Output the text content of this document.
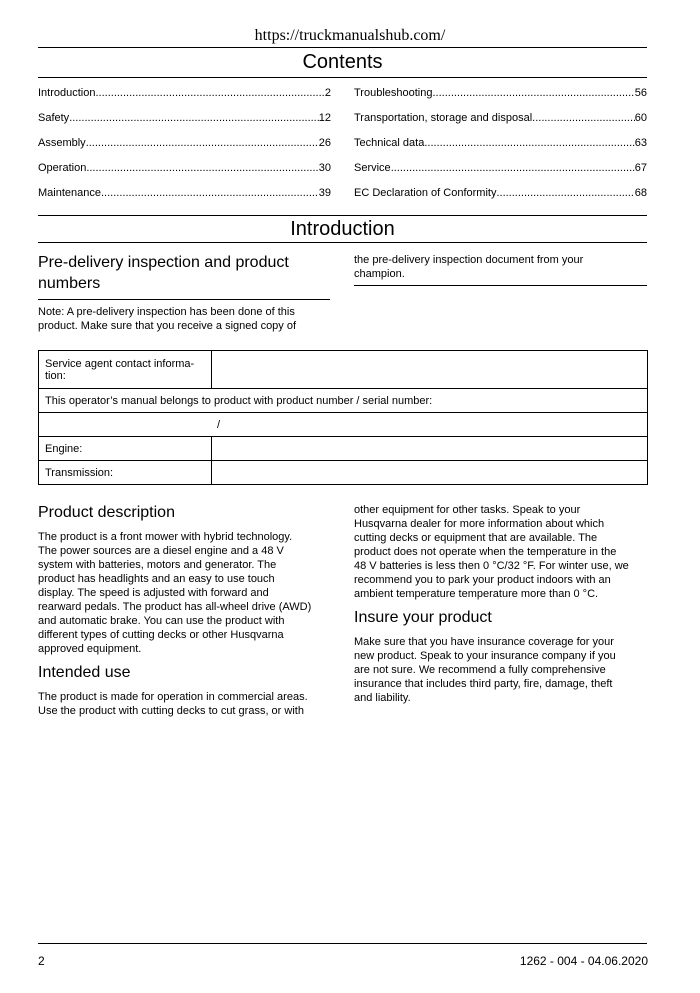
https://truckmanualshub.com/
Contents
Introduction .....	2
Safety .....	12
Assembly .....	26
Operation .....	30
Maintenance .....	39
Troubleshooting .....	56
Transportation, storage and disposal .....	60
Technical data .....	63
Service .....	67
EC Declaration of Conformity .....	68
Introduction
Pre-delivery inspection and product
numbers
Note: A pre-delivery inspection has been done of this
product. Make sure that you receive a signed copy of
the pre-delivery inspection document from your
champion.
Service agent contact informa-
tion:	

This operator’s manual belongs to product with product number / serial number:	
/	
Engine:	
Transmission:	
Product description
The product is a front mower with hybrid technology.
The power sources are a diesel engine and a 48 V
system with batteries, motors and generator. The
product has headlights and an easy to use touch
display. The speed is adjusted with forward and
rearward pedals. The product has all-wheel drive (AWD)
and automatic brake. You can use the product with
different types of cutting decks or other Husqvarna
approved equipment.
Intended use
The product is made for operation in commercial areas.
Use the product with cutting decks to cut grass, or with
other equipment for other tasks. Speak to your
Husqvarna dealer for more information about which
cutting decks or equipment that are available. The
product does not operate when the temperature in the
48 V batteries is less then 0 °C/32 °F. For winter use, we
recommend you to park your product indoors with an
ambient temperature temperature more than 0 °C.
Insure your product
Make sure that you have insurance coverage for your
new product. Speak to your insurance company if you
are not sure. We recommend a fully comprehensive
insurance that includes third party, fire, damage, theft
and liability.
2	1262 - 004 - 04.06.2020
